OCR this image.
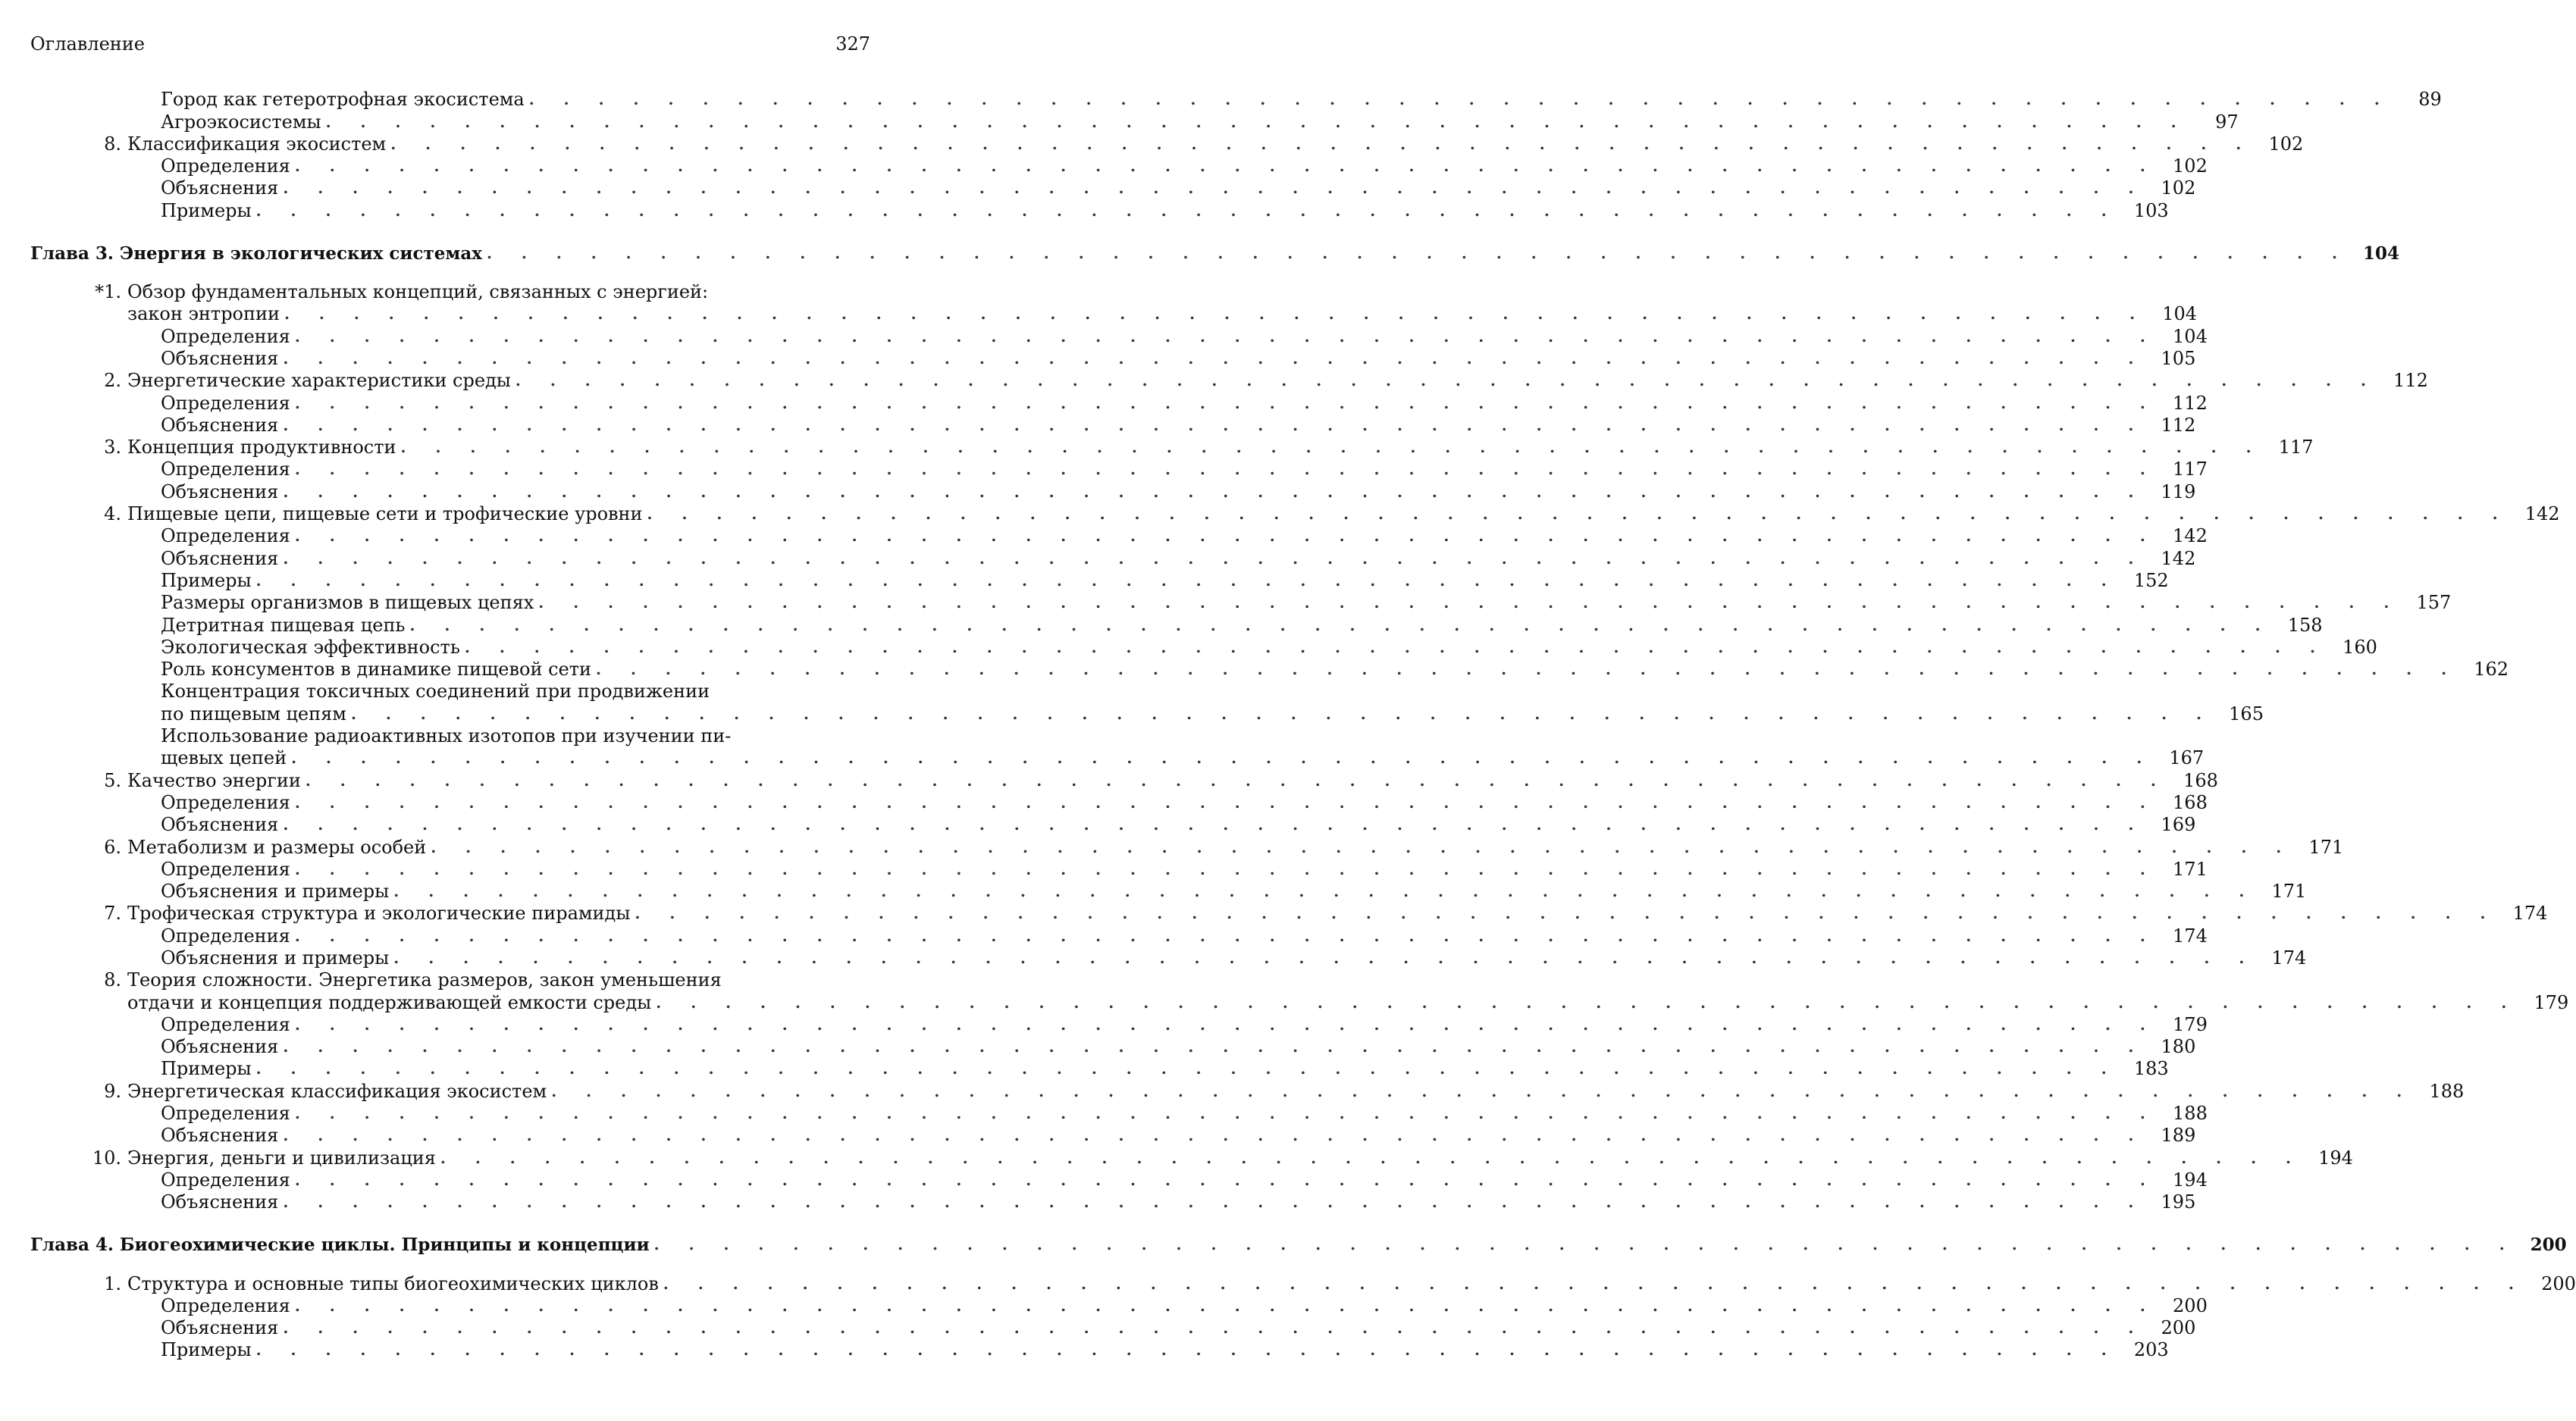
Оглавление	327
Город как гетеротрофная экосистема
. . .	89
Агроэкосистемы
. . .	97
8. Классификация экосистем
. . .	102
Определения
. . .	102
Объяснения
. . .	102
Примеры
. . .	103
Глава 3. Энергия в экологических системах
. . .	104
*1. Обзор фундаментальных концепций, связанных с энергией:
закон энтропии
. . .	104
Определения
. . .	104
Объяснения
. . .	105
2. Энергетические характеристики среды
. . .	112
Определения
. . .	112
Объяснения
. . .	112
3. Концепция продуктивности
. . .	117
Определения
. . .	117
Объяснения
. . .	119
4. Пищевые цепи, пищевые сети и трофические уровни
. . .	142
Определения
. . .	142
Объяснения
. . .	142
Примеры
. . .	152
Размеры организмов в пищевых цепях
. . .	157
Детритная пищевая цепь
. . .	158
Экологическая эффективность
. . .	160
Роль консументов в динамике пищевой сети
. . .	162
Концентрация токсичных соединений при продвижении
по пищевым цепям
. . .	165
Использование радиоактивных изотопов при изучении пи-
щевых цепей
. . .	167
5. Качество энергии
. . .	168
Определения
. . .	168
Объяснения
. . .	169
6. Метаболизм и размеры особей
. . .	171
Определения
. . .	171
Объяснения и примеры
. . .	171
7. Трофическая структура и экологические пирамиды
. . .	174
Определения
. . .	174
Объяснения и примеры
. . .	174
8. Теория сложности. Энергетика размеров, закон уменьшения
отдачи и концепция поддерживающей емкости среды
. . .	179
Определения
. . .	179
Объяснения
. . .	180
Примеры
. . .	183
9. Энергетическая классификация экосистем
. . .	188
Определения
. . .	188
Объяснения
. . .	189
10. Энергия, деньги и цивилизация
. . .	194
Определения
. . .	194
Объяснения
. . .	195
Глава 4. Биогеохимические циклы. Принципы и концепции
. . .	200
1. Структура и основные типы биогеохимических циклов
. . .	200
Определения
. . .	200
Объяснения
. . .	200
Примеры
. . .	203
